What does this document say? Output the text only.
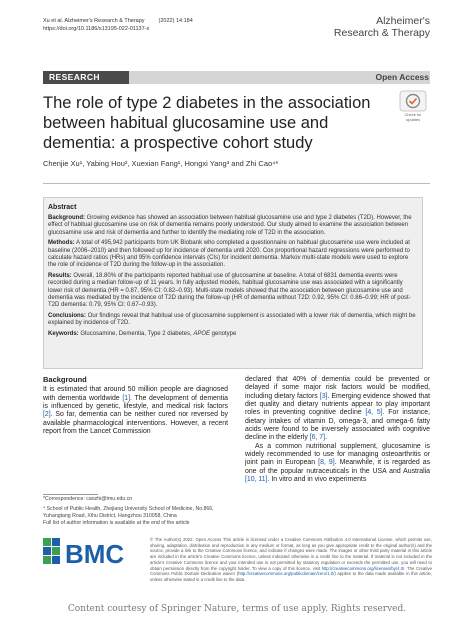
Xu et al. Alzheimer's Research & Therapy	(2022) 14:184
https://doi.org/10.1186/s13195-022-01137-x
Alzheimer's
Research & Therapy
RESEARCH	Open Access
The role of type 2 diabetes in the association between habitual glucosamine use and dementia: a prospective cohort study
Check for updates
Chenjie Xu¹, Yabing Hou², Xuexian Fang¹, Hongxi Yang³ and Zhi Cao⁴*
Abstract

Background: Growing evidence has showed an association between habitual glucosamine use and type 2 diabetes (T2D). However, the effect of habitual glucosamine use on risk of dementia remains poorly understood. Our study aimed to examine the association between glucosamine use and risk of dementia and further to identify the mediating role of T2D in the association.

Methods: A total of 495,942 participants from UK Biobank who completed a questionnaire on habitual glucosamine use were included at baseline (2006–2010) and then followed up for incidence of dementia until 2020. Cox proportional hazard regressions were performed to calculate hazard ratios (HRs) and 95% confidence intervals (CIs) for incident dementia. Markov multi-state models were used to explore the role of incidence of T2D during the follow-up in the association.

Results: Overall, 18.80% of the participants reported habitual use of glucosamine at baseline. A total of 6831 dementia events were recorded during a median follow-up of 11 years. In fully adjusted models, habitual glucosamine use was associated with a significantly lower risk of dementia (HR = 0.87, 95% CI: 0.82–0.93). Multi-state models showed that the association between glucosamine use and dementia was mediated by the incidence of T2D during the follow-up (HR of dementia without T2D: 0.92, 95% CI: 0.86–0.99; HR of post-T2D dementia: 0.79, 95% CI: 0.67–0.93).

Conclusions: Our findings reveal that habitual use of glucosamine supplement is associated with a lower risk of dementia, which might be explained by incidence of T2D.

Keywords: Glucosamine, Dementia, Type 2 diabetes, APOE genotype

Background

It is estimated that around 50 million people are diagnosed with dementia worldwide [1]. The development of dementia is influenced by genetic, lifestyle, and medical risk factors [2]. So far, dementia can be neither cured nor reversed by available pharmacological interventions. However, a recent report from the Lancet Commission

declared that 40% of dementia could be prevented or delayed if some major risk factors would be modified, including dietary factors [3]. Emerging evidence showed that diet quality and dietary nutrients appear to play important roles in preventing cognitive decline [4, 5]. For instance, dietary intakes of vitamin D, omega-3, and omega-6 fatty acids were found to be inversely associated with cognitive decline in the elderly [6, 7].

As a common nutritional supplement, glucosamine is widely recommended to use for managing osteoarthritis or joint pain in European [8, 9]. Meanwhile, it is regarded as one of the popular nutraceuticals in the USA and Australia [10, 11]. In vitro and in vivo experiments

*Correspondence: caozhi@tmu.edu.cn
⁴ School of Public Health, Zhejiang University School of Medicine, No.866, Yuhangtang Road, Xihu District, Hangzhou 310058, China
Full list of author information is available at the end of the article
BMC	© The Author(s) 2022. Open Access This article is licensed under a Creative Commons Attribution 4.0 International License, which permits use, sharing, adaptation, distribution and reproduction in any medium or format, as long as you give appropriate credit to the original author(s) and the source, provide a link to the Creative Commons licence, and indicate if changes were made. The images or other third party material in this article are included in the article's Creative Commons licence, unless indicated otherwise in a credit line to the material. If material is not included in the article's Creative Commons licence and your intended use is not permitted by statutory regulation or exceeds the permitted use, you will need to obtain permission directly from the copyright holder. To view a copy of this licence, visit http://creativecommons.org/licenses/by/4.0/. The Creative Commons Public Domain Dedication waiver (http://creativecommons.org/publicdomain/zero/1.0/) applies to the data made available in this article, unless otherwise stated in a credit line to the data.
Content courtesy of Springer Nature, terms of use apply. Rights reserved.
